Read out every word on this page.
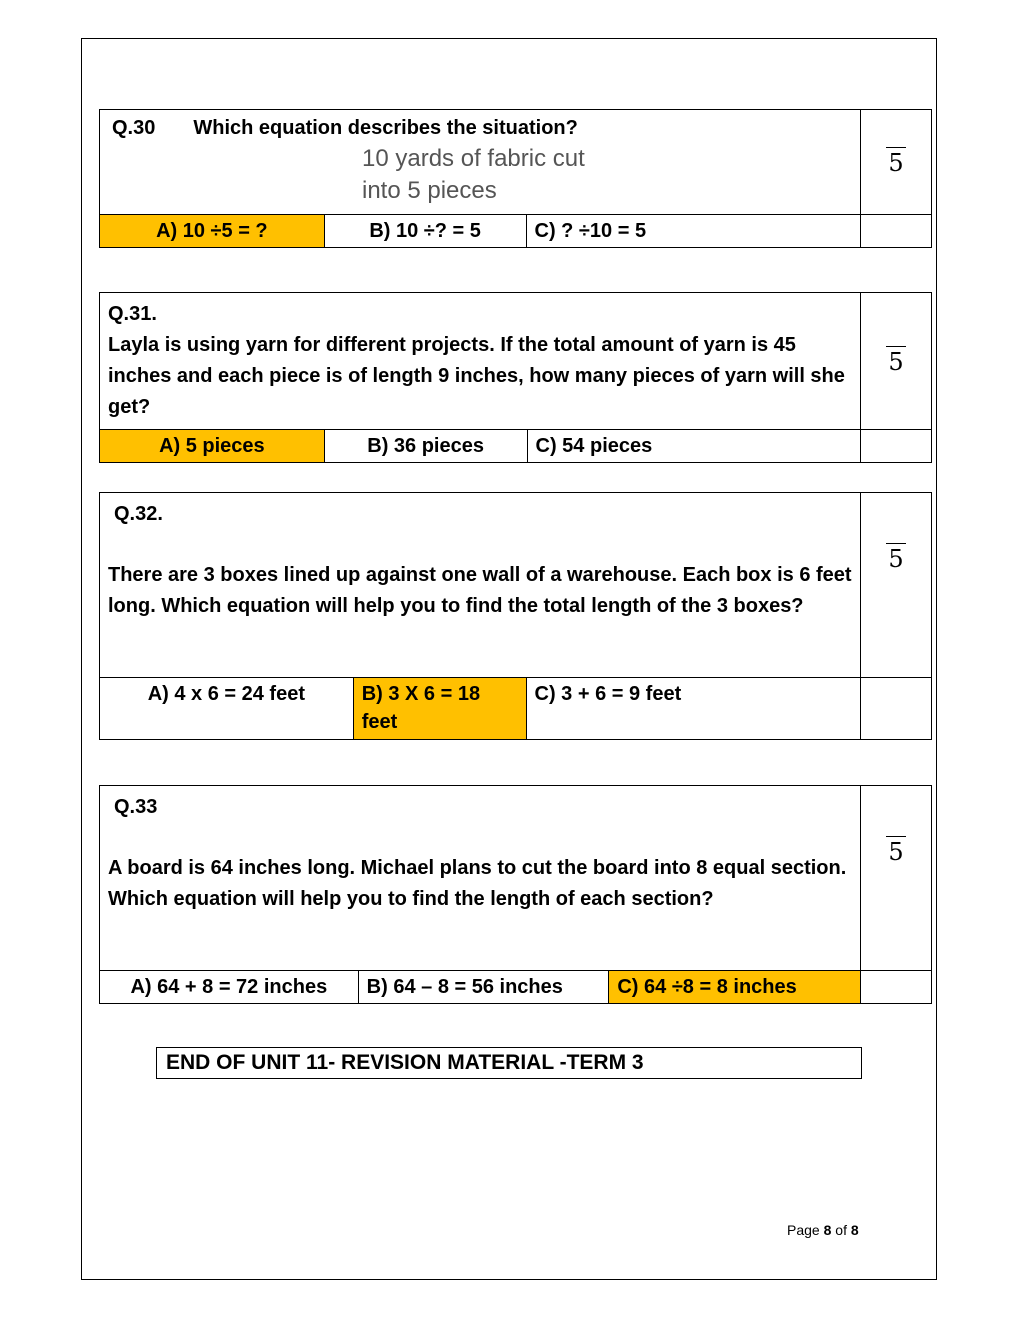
Q.30 Which equation describes the situation?
10 yards of fabric cut
into 5 pieces			5
A) 10 ÷5 = ?	B) 10 ÷? = 5	C) ? ÷10 = 5	
Q.31.
Layla is using yarn for different projects. If the total amount of yarn is 45 inches and each piece is of length 9 inches, how many pieces of yarn will she get?			5
A) 5 pieces	B) 36 pieces	C) 54 pieces	
Q.32.
There are 3 boxes lined up against one wall of a warehouse. Each box is 6 feet long. Which equation will help you to find the total length of the 3 boxes?			5
A) 4 x 6 = 24 feet	B) 3 X 6 = 18 feet	C) 3 + 6 = 9 feet	
Q.33
A board is 64 inches long. Michael plans to cut the board into 8 equal section. Which equation will help you to find the length of each section?			5
A) 64 + 8 = 72 inches	B) 64 – 8 = 56 inches	C) 64 ÷8 = 8 inches	
END OF UNIT 11- REVISION MATERIAL -TERM 3
Page 8 of 8
